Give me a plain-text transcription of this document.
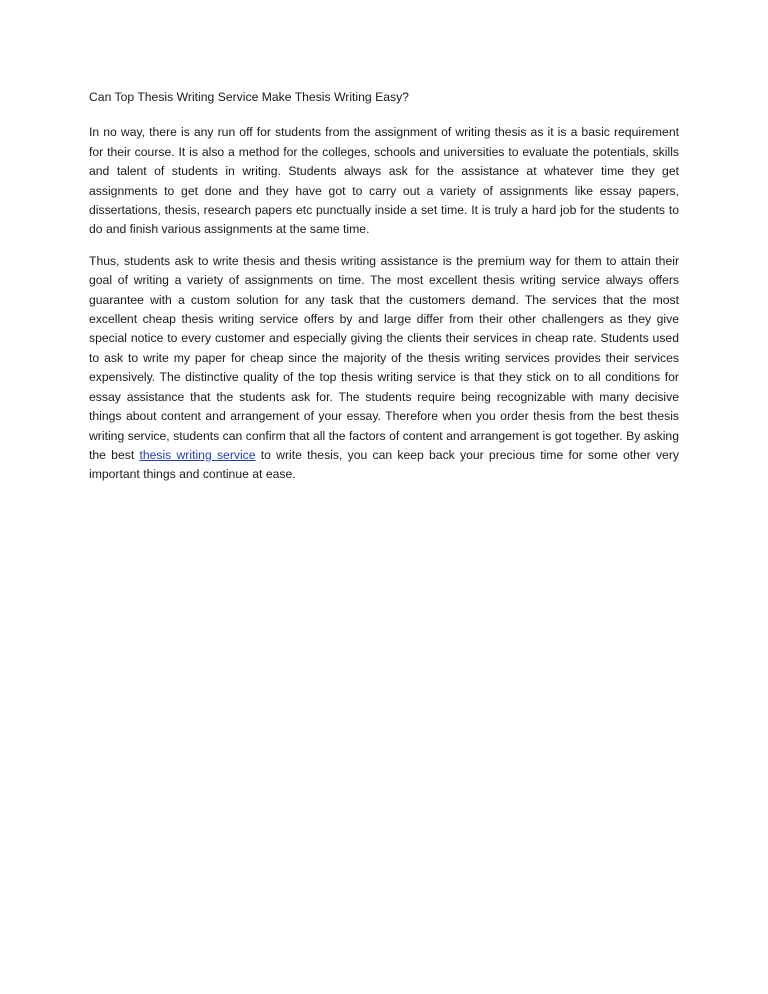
Can Top Thesis Writing Service Make Thesis Writing Easy?

In no way, there is any run off for students from the assignment of writing thesis as it is a basic requirement for their course. It is also a method for the colleges, schools and universities to evaluate the potentials, skills and talent of students in writing. Students always ask for the assistance at whatever time they get assignments to get done and they have got to carry out a variety of assignments like essay papers, dissertations, thesis, research papers etc punctually inside a set time. It is truly a hard job for the students to do and finish various assignments at the same time.

Thus, students ask to write thesis and thesis writing assistance is the premium way for them to attain their goal of writing a variety of assignments on time. The most excellent thesis writing service always offers guarantee with a custom solution for any task that the customers demand. The services that the most excellent cheap thesis writing service offers by and large differ from their other challengers as they give special notice to every customer and especially giving the clients their services in cheap rate. Students used to ask to write my paper for cheap since the majority of the thesis writing services provides their services expensively. The distinctive quality of the top thesis writing service is that they stick on to all conditions for essay assistance that the students ask for. The students require being recognizable with many decisive things about content and arrangement of your essay. Therefore when you order thesis from the best thesis writing service, students can confirm that all the factors of content and arrangement is got together. By asking the best thesis writing service to write thesis, you can keep back your precious time for some other very important things and continue at ease.
